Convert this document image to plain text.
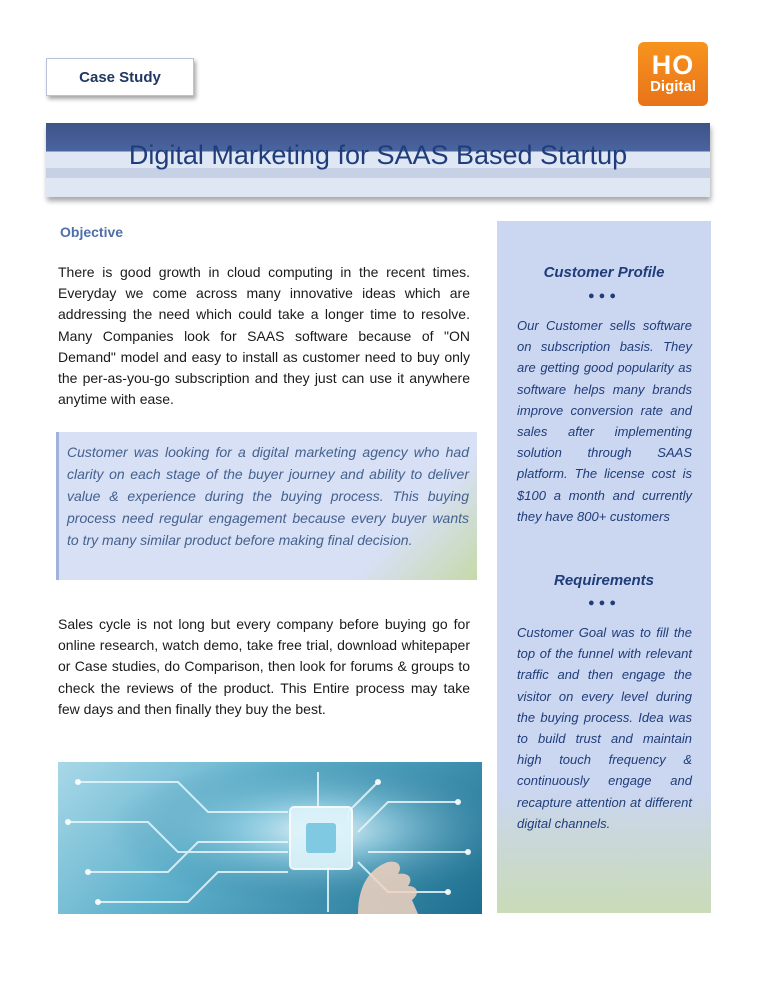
Case Study	HO
Digital
Digital Marketing for SAAS Based Startup
Objective

There is good growth in cloud computing in the recent times. Everyday we come across many innovative ideas which are addressing the need which could take a longer time to resolve. Many Companies look for SAAS software because of "ON Demand" model and easy to install as customer need to buy only the per-as-you-go subscription and they just can use it anywhere anytime with ease.

Customer was looking for a digital marketing agency who had clarity on each stage of the buyer journey and ability to deliver value & experience during the buying process. This buying process need regular engagement because every buyer wants to try many similar product before making final decision.

Sales cycle is not long but every company before buying go for online research, watch demo, take free trial, download whitepaper or Case studies, do Comparison, then look for forums & groups to check the reviews of the product. This Entire process may take few days and then finally they buy the best.

Customer Profile
●●●

Our Customer sells software on subscription basis. They are getting good popularity as software helps many brands improve conversion rate and sales after implementing solution through SAAS platform. The license cost is $100 a month and currently they have 800+ customers

Requirements
●●●

Customer Goal was to fill the top of the funnel with relevant traffic and then engage the visitor on every level during the buying process. Idea was to build trust and maintain high touch frequency & continuously engage and recapture attention at different digital channels.
